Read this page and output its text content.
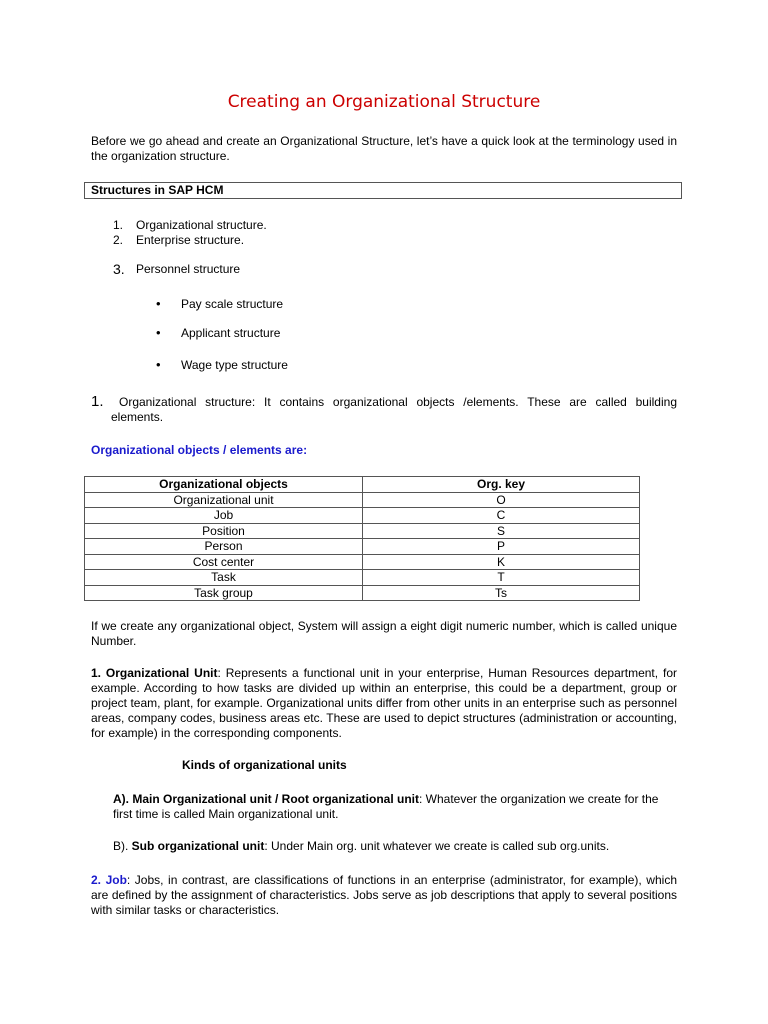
Creating an Organizational Structure
Before we go ahead and create an Organizational Structure, let’s have a quick look at the terminology used in the organization structure.
Structures in SAP HCM
1. Organizational structure.
2. Enterprise structure.
3. Personnel structure
• Pay scale structure
• Applicant structure
• Wage type structure
1.	Organizational structure: It contains organizational objects /elements. These are called building elements.
Organizational objects / elements are:
Organizational objects	Org. key
Organizational unit	O
Job	C
Position	S
Person	P
Cost center	K
Task	T
Task group	Ts
If we create any organizational object, System will assign a eight digit numeric number, which is called unique Number.
1. Organizational Unit: Represents a functional unit in your enterprise, Human Resources department, for example. According to how tasks are divided up within an enterprise, this could be a department, group or project team, plant, for example. Organizational units differ from other units in an enterprise such as personnel areas, company codes, business areas etc. These are used to depict structures (administration or accounting, for example) in the corresponding components.
Kinds of organizational units
A). Main Organizational unit / Root organizational unit: Whatever the organization we create for the first time is called Main organizational unit.
B). Sub organizational unit: Under Main org. unit whatever we create is called sub org.units.
2. Job: Jobs, in contrast, are classifications of functions in an enterprise (administrator, for example), which are defined by the assignment of characteristics. Jobs serve as job descriptions that apply to several positions with similar tasks or characteristics.
